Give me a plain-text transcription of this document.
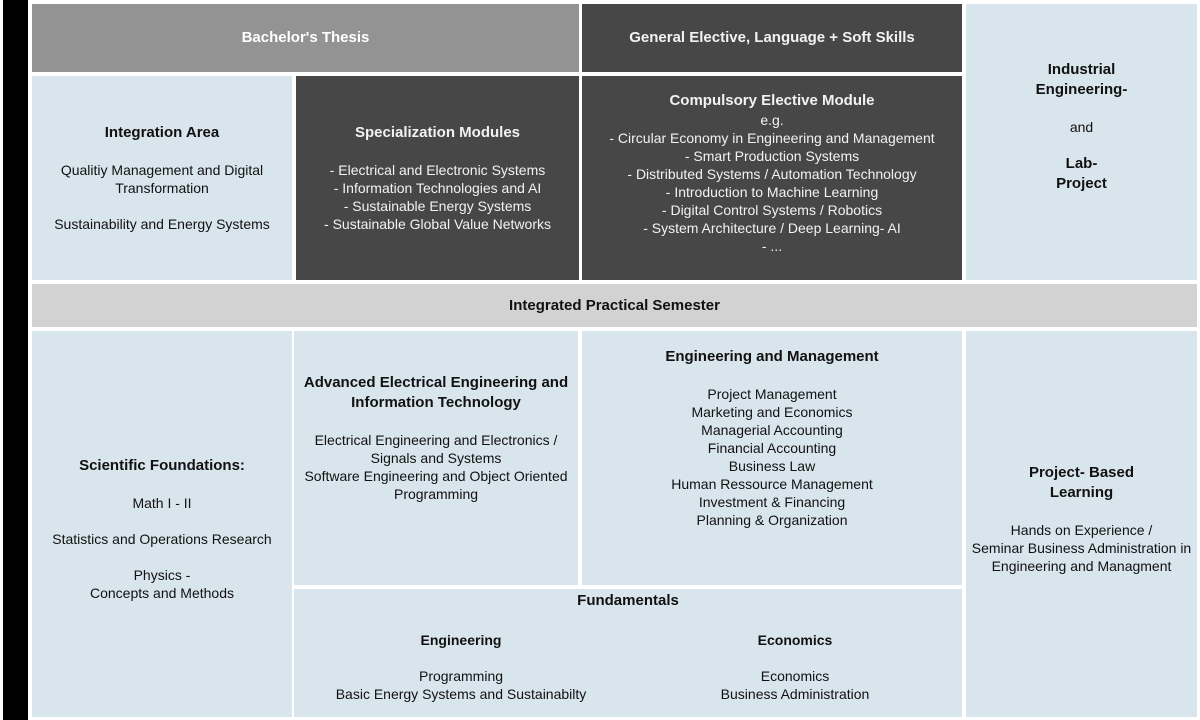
Bachelor's Thesis	General Elective, Language + Soft Skills
Industrial
Engineering-
and
Lab-
Project
Integration Area
Qualitiy Management and Digital
Transformation
Sustainability and Energy Systems
Specialization Modules
- Electrical and Electronic Systems
- Information Technologies and AI
- Sustainable Energy Systems
- Sustainable Global Value Networks
Compulsory Elective Module
e.g.
- Circular Economy in Engineering and Management
- Smart Production Systems
- Distributed Systems / Automation Technology
- Introduction to Machine Learning
- Digital Control Systems / Robotics
- System Architecture / Deep Learning- AI
- ...
Integrated Practical Semester
Scientific Foundations:
Math I - II
Statistics and Operations Research
Physics -
Concepts and Methods
Advanced Electrical Engineering and
Information Technology
Electrical Engineering and Electronics /
Signals and Systems
Software Engineering and Object Oriented
Programming
Engineering and Management
Project Management
Marketing and Economics
Managerial Accounting
Financial Accounting
Business Law
Human Ressource Management
Investment & Financing
Planning & Organization
Project- Based
Learning
Hands on Experience /
Seminar Business Administration in
Engineering and Managment
Fundamentals
Engineering
Programming
Basic Energy Systems and Sustainabilty
Economics
Economics
Business Administration
